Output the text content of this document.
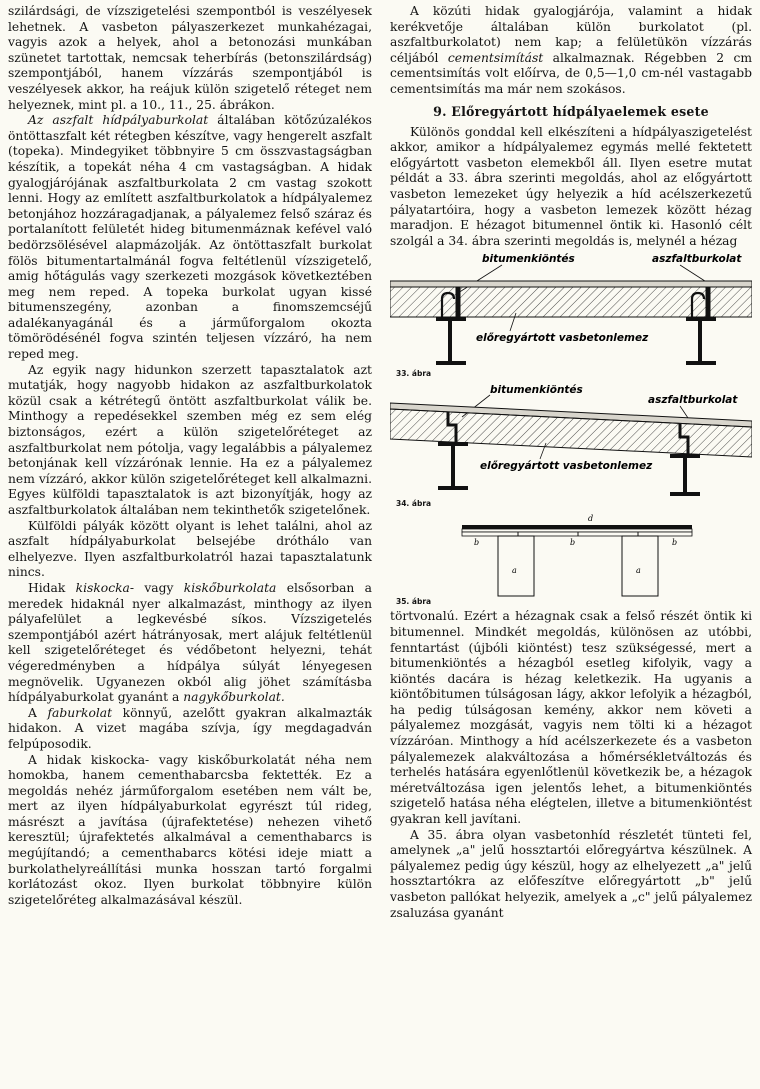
szilárdsági, de vízszigetelési szempontból is veszélyesek lehetnek. A vasbeton pályaszerkezet munkahézagai, vagyis azok a helyek, ahol a betonozási munkában szünetet tartottak, nemcsak teherbírás (betonszilárdság) szempontjából, hanem vízzárás szempontjából is veszélyesek akkor, ha reájuk külön szigetelő réteget nem helyeznek, mint pl. a 10., 11., 25. ábrákon.

Az aszfalt hídpályaburkolat általában kötőzúzalékos öntöttaszfalt két rétegben készítve, vagy hengerelt aszfalt (topeka). Mindegyiket többnyire 5 cm összvastagságban készítik, a topekát néha 4 cm vastagságban. A hidak gyalogjárójának aszfaltburkolata 2 cm vastag szokott lenni. Hogy az említett aszfaltburkolatok a hídpályalemez betonjához hozzáragadjanak, a pályalemez felső száraz és portalanított felületét hideg bitumenmáznak kefével való bedörzsölésével alapmázolják. Az öntöttaszfalt burkolat fölös bitumentartalmánál fogva feltétlenül vízszigetelő, amig hőtágulás vagy szerkezeti mozgások következtében meg nem reped. A topeka burkolat ugyan kissé bitumenszegény, azonban a finomszemcséjű adalékanyagánál és a járműforgalom okozta tömörödésénél fogva szintén teljesen vízzáró, ha nem reped meg.

Az egyik nagy hidunkon szerzett tapasztalatok azt mutatják, hogy nagyobb hidakon az aszfaltburkolatok közül csak a kétrétegű öntött aszfaltburkolat válik be. Minthogy a repedésekkel szemben még ez sem elég biztonságos, ezért a külön szigetelőréteget az aszfaltburkolat nem pótolja, vagy legalábbis a pályalemez betonjának kell vízzárónak lennie. Ha ez a pályalemez nem vízzáró, akkor külön szigetelőréteget kell alkalmazni. Egyes külföldi tapasztalatok is azt bizonyítják, hogy az aszfaltburkolatok általában nem tekinthetők szigetelőnek.

Külföldi pályák között olyant is lehet találni, ahol az aszfalt hídpályaburkolat belsejébe dróthálo van elhelyezve. Ilyen aszfaltburkolatról hazai tapasztalatunk nincs.

Hidak kiskocka- vagy kiskőburkolata elsősorban a meredek hidaknál nyer alkalmazást, minthogy az ilyen pályafelület a legkevésbé síkos. Vízszigetelés szempontjából azért hátrányosak, mert alájuk feltétlenül kell szigetelőréteget és védőbetont helyezni, tehát végeredményben a hídpálya súlyát lényegesen megnövelik. Ugyanezen okból alig jöhet számításba hídpályaburkolat gyanánt a nagykőburkolat.

A faburkolat könnyű, azelőtt gyakran alkalmazták hidakon. A vizet magába szívja, így megdagadván felpúposodik.

A hidak kiskocka- vagy kiskőburkolatát néha nem homokba, hanem cementhabarcsba fektették. Ez a megoldás nehéz járműforgalom esetében nem vált be, mert az ilyen hídpályaburkolat egyrészt túl rideg, másrészt a javítása (újrafektetése) nehezen vihető keresztül; újrafektetés alkalmával a cementhabarcs is megújítandó; a cementhabarcs kötési ideje miatt a burkolathelyreállítási munka hosszan tartó forgalmi korlátozást okoz. Ilyen burkolat többnyire külön szigetelőréteg alkalmazásával készül.

A közúti hidak gyalogjárója, valamint a hidak kerékvetője általában külön burkolatot (pl. aszfaltburkolatot) nem kap; a felületükön vízzárás céljából cementsimítást alkalmaznak. Régebben 2 cm cementsimítás volt előírva, de 0,5—1,0 cm-nél vastagabb cementsimítás ma már nem szokásos.

9. Előregyártott hídpályaelemek esete

Különös gonddal kell elkészíteni a hídpályaszigetelést akkor, amikor a hídpályalemez egymás mellé fektetett előgyártott vasbeton elemekből áll. Ilyen esetre mutat példát a 33. ábra szerinti megoldás, ahol az előgyártott vasbeton lemezeket úgy helyezik a híd acélszerkezetű pályatartóira, hogy a vasbeton lemezek között hézag maradjon. E hézagot bitumennel öntik ki. Hasonló célt szolgál a 34. ábra szerinti megoldás is, melynél a hézag

bitumenkiöntés	aszfaltburkolat
előregyártott vasbetonlemez
33. ábra
bitumenkiöntés
aszfaltburkolat
előregyártott vasbetonlemez
34. ábra
d
b	b	b
a	a
35. ábra

törtvonalú. Ezért a hézagnak csak a felső részét öntik ki bitumennel. Mindkét megoldás, különösen az utóbbi, fenntartást (újbóli kiöntést) tesz szükségessé, mert a bitumenkiöntés a hézagból esetleg kifolyik, vagy a kiöntés dacára is hézag keletkezik. Ha ugyanis a kiöntőbitumen túlságosan lágy, akkor lefolyik a hézagból, ha pedig túlságosan kemény, akkor nem követi a pályalemez mozgását, vagyis nem tölti ki a hézagot vízzáróan. Minthogy a híd acélszerkezete és a vasbeton pályalemezek alakváltozása a hőmérsékletváltozás és terhelés hatására egyenlőtlenül következik be, a hézagok méretváltozása igen jelentős lehet, a bitumenkiöntés szigetelő hatása néha elégtelen, illetve a bitumenkiöntést gyakran kell javítani.

A 35. ábra olyan vasbetonhíd részletét tünteti fel, amelynek „a" jelű hossztartói előregyártva készülnek. A pályalemez pedig úgy készül, hogy az elhelyezett „a" jelű hossztartókra az előfeszítve előregyártott „b" jelű vasbeton pallókat helyezik, amelyek a „c" jelű pályalemez zsaluzása gyanánt
